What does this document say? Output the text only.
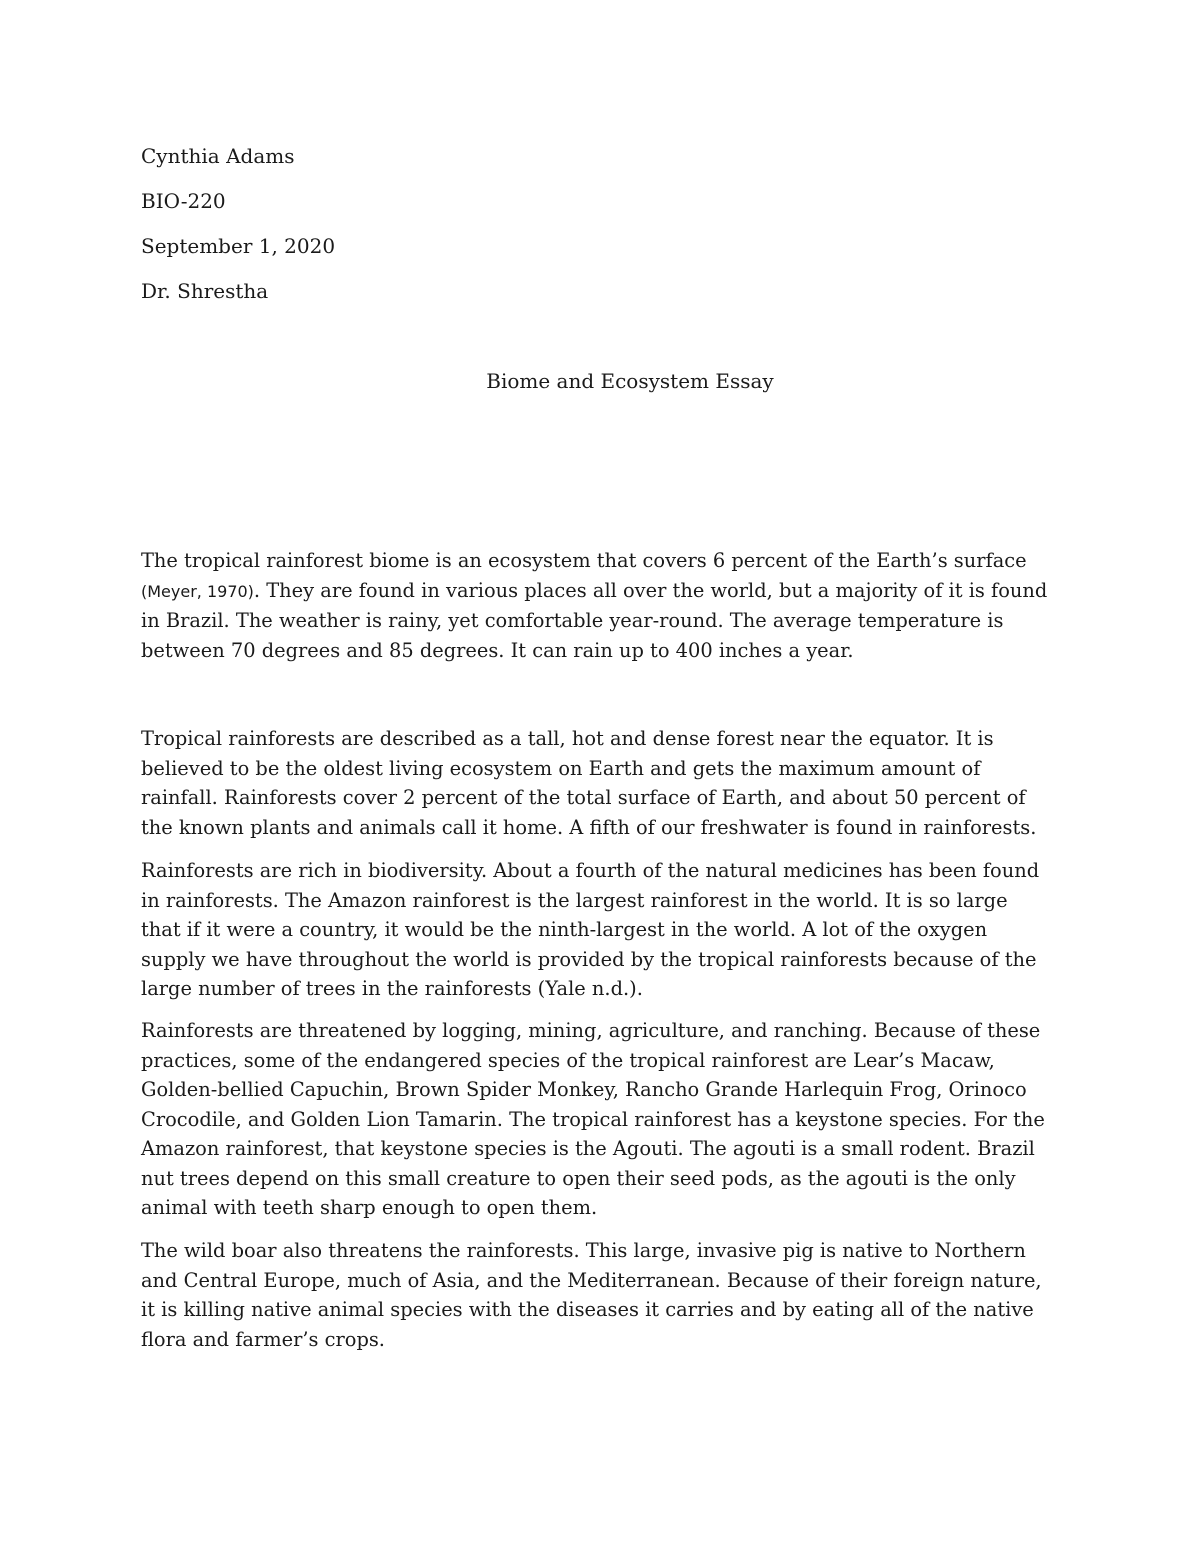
Cynthia Adams
BIO-220
September 1, 2020
Dr. Shrestha
Biome and Ecosystem Essay

The tropical rainforest biome is an ecosystem that covers 6 percent of the Earth’s surface (Meyer, 1970). They are found in various places all over the world, but a majority of it is found in Brazil. The weather is rainy, yet comfortable year-round. The average temperature is between 70 degrees and 85 degrees. It can rain up to 400 inches a year.

Tropical rainforests are described as a tall, hot and dense forest near the equator. It is believed to be the oldest living ecosystem on Earth and gets the maximum amount of rainfall. Rainforests cover 2 percent of the total surface of Earth, and about 50 percent of the known plants and animals call it home. A fifth of our freshwater is found in rainforests.

Rainforests are rich in biodiversity. About a fourth of the natural medicines has been found in rainforests. The Amazon rainforest is the largest rainforest in the world. It is so large that if it were a country, it would be the ninth-largest in the world. A lot of the oxygen supply we have throughout the world is provided by the tropical rainforests because of the large number of trees in the rainforests (Yale n.d.).

Rainforests are threatened by logging, mining, agriculture, and ranching. Because of these practices, some of the endangered species of the tropical rainforest are Lear’s Macaw, Golden-bellied Capuchin, Brown Spider Monkey, Rancho Grande Harlequin Frog, Orinoco Crocodile, and Golden Lion Tamarin. The tropical rainforest has a keystone species. For the Amazon rainforest, that keystone species is the Agouti. The agouti is a small rodent. Brazil nut trees depend on this small creature to open their seed pods, as the agouti is the only animal with teeth sharp enough to open them.

The wild boar also threatens the rainforests. This large, invasive pig is native to Northern and Central Europe, much of Asia, and the Mediterranean. Because of their foreign nature, it is killing native animal species with the diseases it carries and by eating all of the native flora and farmer’s crops.
